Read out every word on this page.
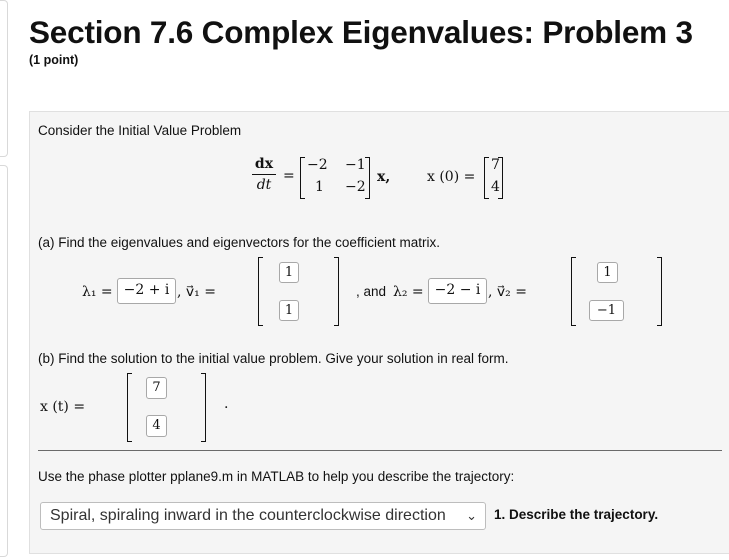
Section 7.6 Complex Eigenvalues: Problem 3
(1 point)
Consider the Initial Value Problem
dx
dt
=
−2 −1
1 −2
x,	x (0) =
7
4
(a) Find the eigenvalues and eigenvectors for the coefficient matrix.
λ₁ = −2 + i , v⃗₁ =
1
1
, and λ₂ = −2 − i , v⃗₂ =
1
−1
(b) Find the solution to the initial value problem. Give your solution in real form.
x (t) =
7
4
.
Use the phase plotter pplane9.m in MATLAB to help you describe the trajectory:
Spiral, spiraling inward in the counterclockwise direction ⌄ 1. Describe the trajectory.
